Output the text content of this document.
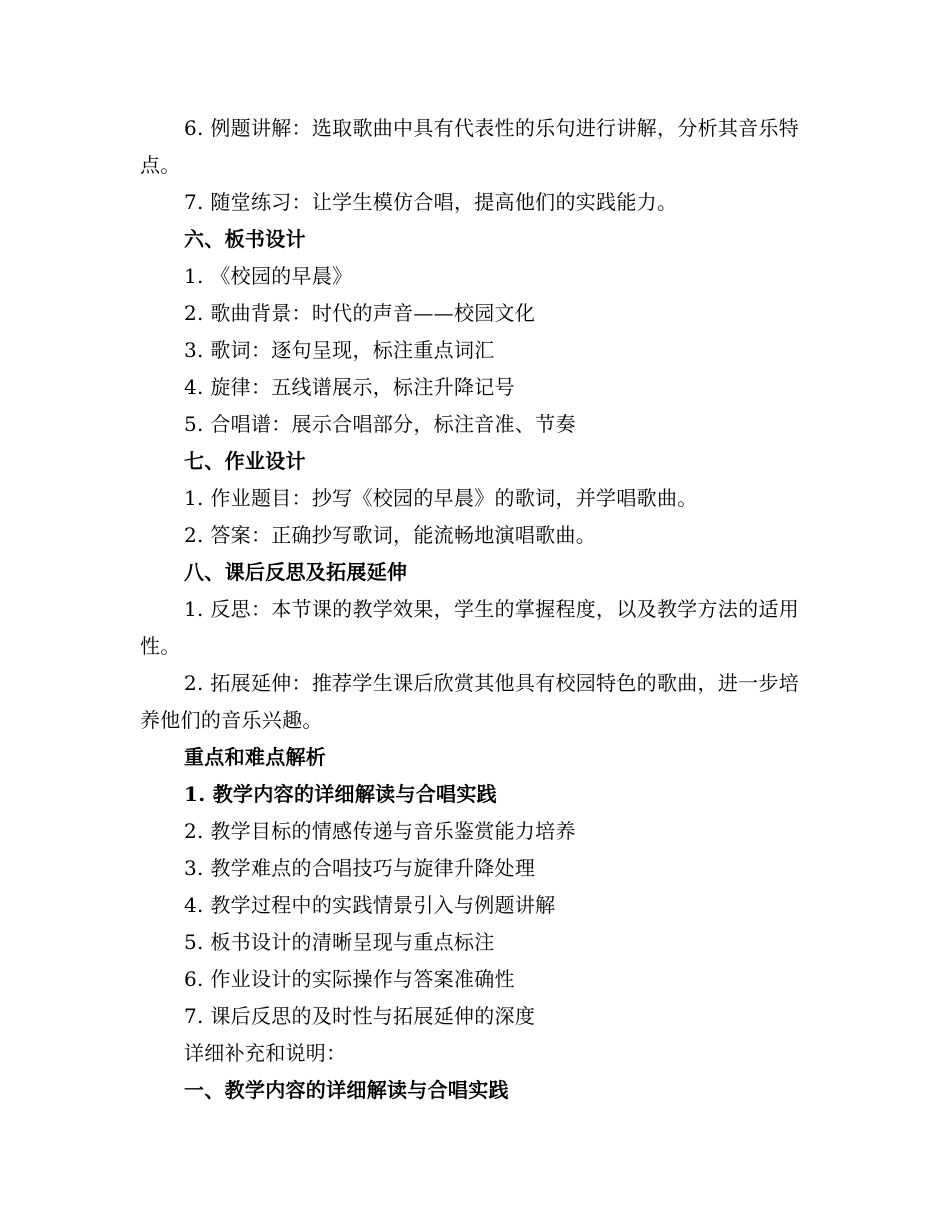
6. 例题讲解：选取歌曲中具有代表性的乐句进行讲解，分析其音乐特点。

7. 随堂练习：让学生模仿合唱，提高他们的实践能力。

六、板书设计

1. 《校园的早晨》

2. 歌曲背景：时代的声音——校园文化

3. 歌词：逐句呈现，标注重点词汇

4. 旋律：五线谱展示，标注升降记号

5. 合唱谱：展示合唱部分，标注音准、节奏

七、作业设计

1. 作业题目：抄写《校园的早晨》的歌词，并学唱歌曲。

2. 答案：正确抄写歌词，能流畅地演唱歌曲。

八、课后反思及拓展延伸

1. 反思：本节课的教学效果，学生的掌握程度，以及教学方法的适用性。

2. 拓展延伸：推荐学生课后欣赏其他具有校园特色的歌曲，进一步培养他们的音乐兴趣。

重点和难点解析

1. 教学内容的详细解读与合唱实践

2. 教学目标的情感传递与音乐鉴赏能力培养

3. 教学难点的合唱技巧与旋律升降处理

4. 教学过程中的实践情景引入与例题讲解

5. 板书设计的清晰呈现与重点标注

6. 作业设计的实际操作与答案准确性

7. 课后反思的及时性与拓展延伸的深度

详细补充和说明：

一、教学内容的详细解读与合唱实践
